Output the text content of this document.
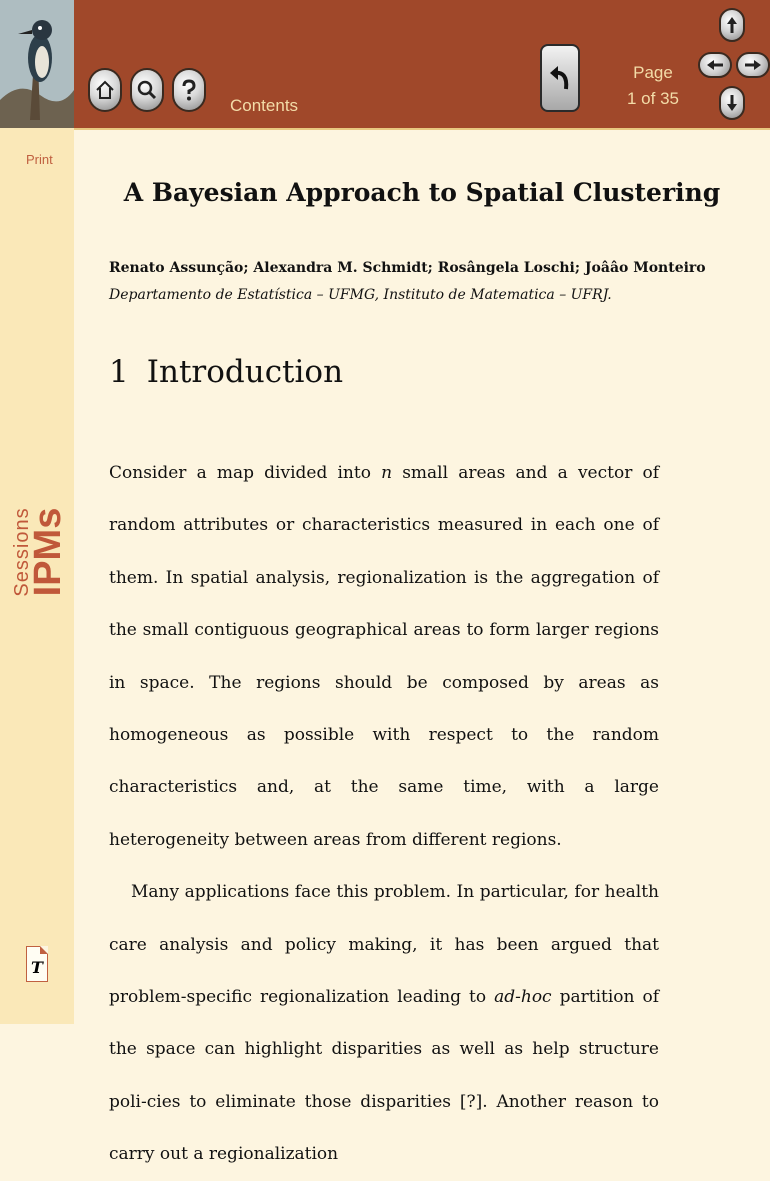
Contents
Page
1 of 35
Print
Sessions
IPMs
T
A Bayesian Approach to Spatial Clustering
Renato Assunção; Alexandra M. Schmidt; Rosângela Loschi; Joââo Monteiro
Departamento de Estatística – UFMG, Instituto de Matematica – UFRJ.
1 Introduction

Consider a map divided into n small areas and a vector of random attributes or characteristics measured in each one of them. In spatial analysis, regionalization is the aggregation of the small contiguous geographical areas to form larger regions in space. The regions should be composed by areas as homogeneous as possible with respect to the random characteristics and, at the same time, with a large heterogeneity between areas from different regions.

Many applications face this problem. In particular, for health care analysis and policy making, it has been argued that problem-specific regionalization leading to ad-hoc partition of the space can highlight disparities as well as help structure poli-cies to eliminate those disparities [?]. Another reason to carry out a regionalization
